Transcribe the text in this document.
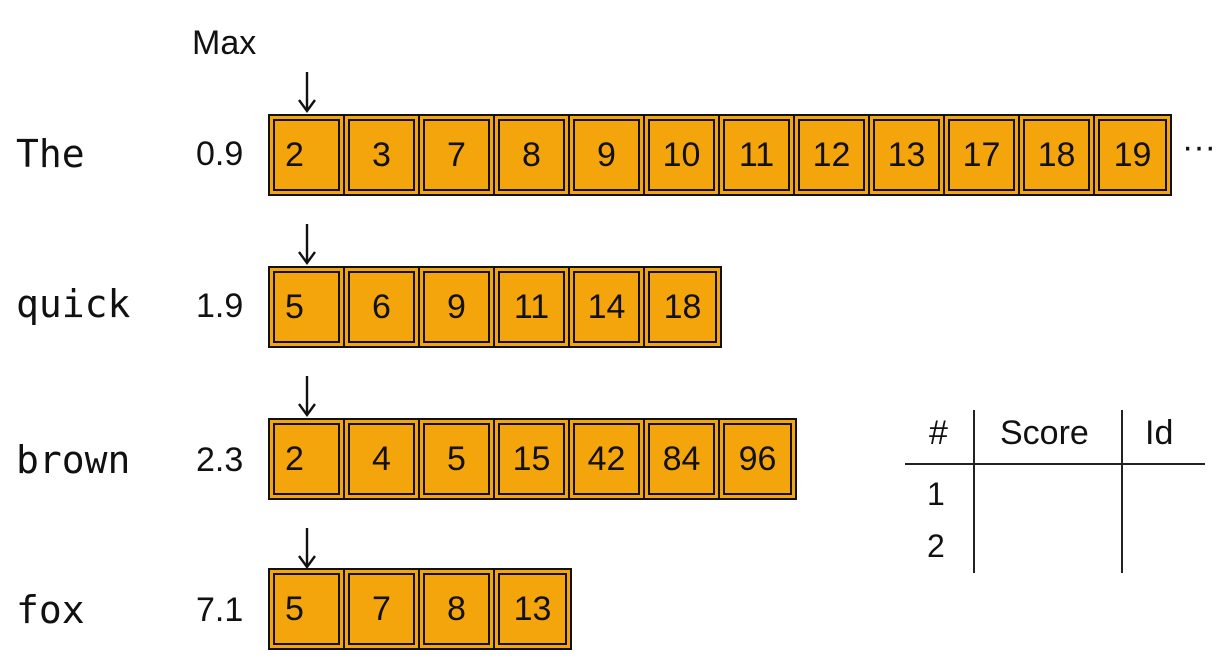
Max
The	0.9	2	3	7	8	9	10	11	12	13	17	18	19 ···
quick	1.9	5	6	9	11	14	18
brown	2.3	2	4	5	15	42	84	96
fox	7.1	5	7	8	13
# Score Id
1
2
